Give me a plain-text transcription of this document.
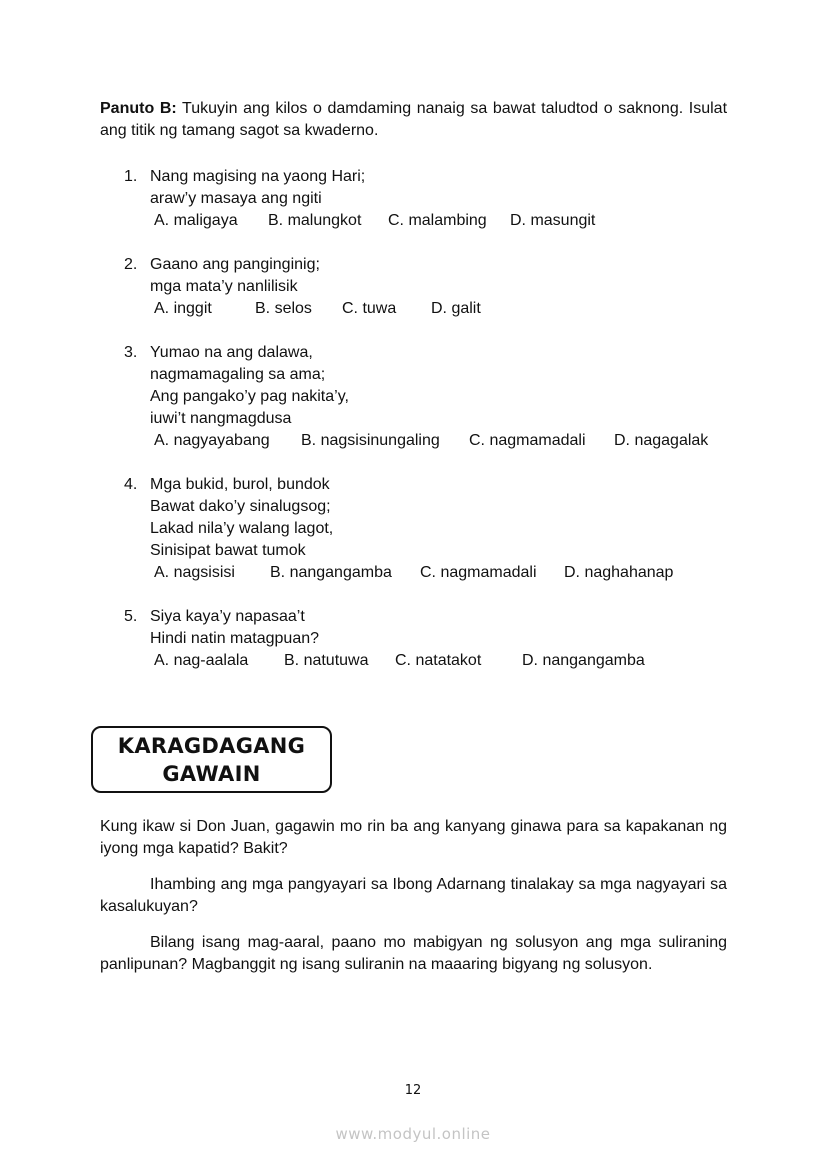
Panuto B: Tukuyin ang kilos o damdaming nanaig sa bawat taludtod o saknong. Isulat ang titik ng tamang sagot sa kwaderno.
1. Nang magising na yaong Hari;
araw’y masaya ang ngiti
A. maligaya B. malungkot C. malambing D. masungit
2. Gaano ang panginginig;
mga mata’y nanlilisik
A. inggit	B. selos C. tuwa D. galit
3. Yumao na ang dalawa,
nagmamagaling sa ama;
Ang pangako’y pag nakita’y,
iuwi’t nangmagdusa
A. nagyayabang B. nagsisinungaling C. nagmamadali D. nagagalak
4. Mga bukid, burol, bundok
Bawat dako’y sinalugsog;
Lakad nila’y walang lagot,
Sinisipat bawat tumok
A. nagsisisi B. nangangamba C. nagmamadali D. naghahanap
5. Siya kaya’y napasaa’t
Hindi natin matagpuan?
A. nag-aalala B. natutuwa C. natatakot	D. nangangamba
KARAGDAGANG
GAWAIN
Kung ikaw si Don Juan, gagawin mo rin ba ang kanyang ginawa para sa kapakanan ng iyong mga kapatid? Bakit?
Ihambing ang mga pangyayari sa Ibong Adarnang tinalakay sa mga nagyayari sa kasalukuyan?
Bilang isang mag-aaral, paano mo mabigyan ng solusyon ang mga suliraning panlipunan? Magbanggit ng isang suliranin na maaaring bigyang ng solusyon.
12
www.modyul.online
